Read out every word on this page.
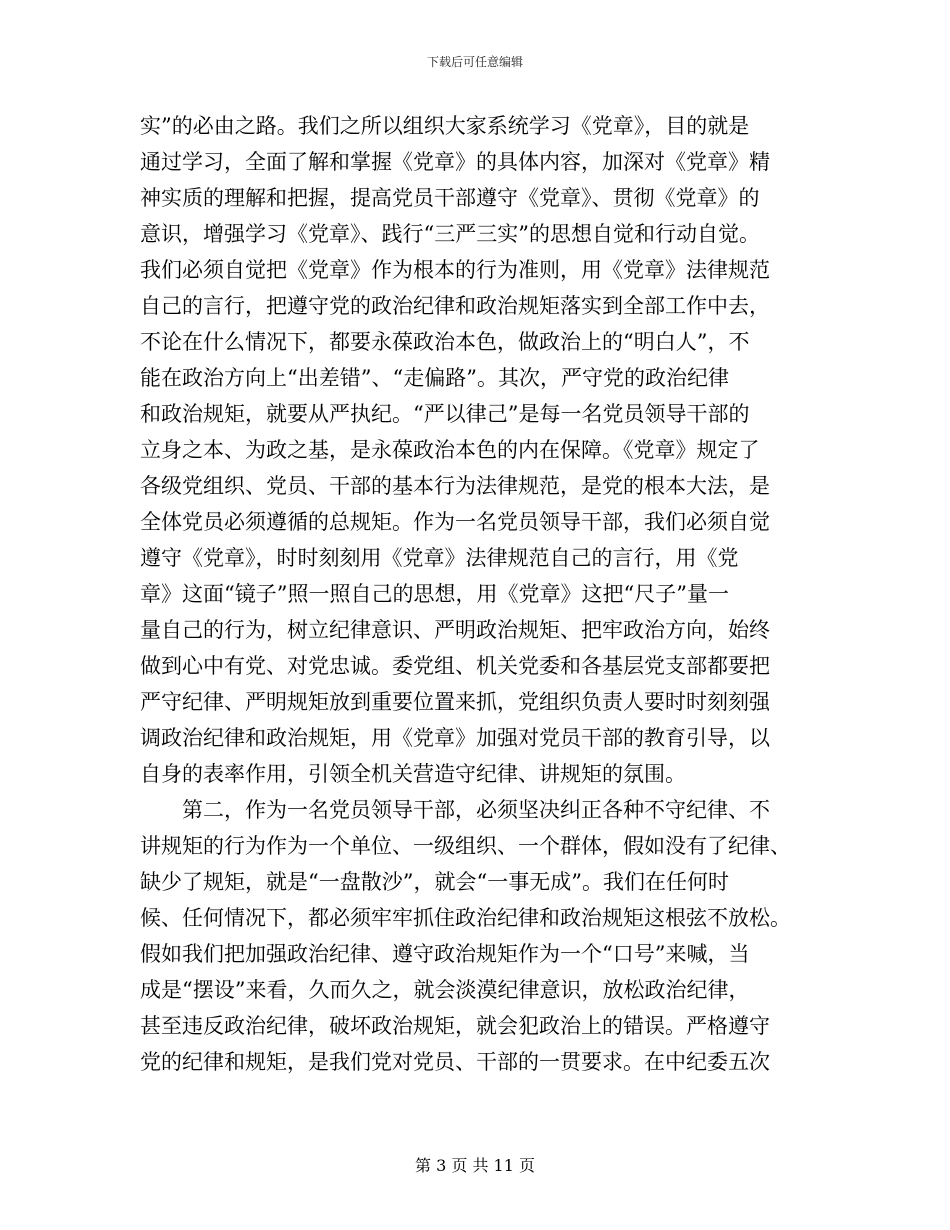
下载后可任意编辑
实”的必由之路。我们之所以组织大家系统学习《党章》，目的就是
通过学习，全面了解和掌握《党章》的具体内容，加深对《党章》精
神实质的理解和把握，提高党员干部遵守《党章》、贯彻《党章》的
意识，增强学习《党章》、践行“三严三实”的思想自觉和行动自觉。
我们必须自觉把《党章》作为根本的行为准则，用《党章》法律规范
自己的言行，把遵守党的政治纪律和政治规矩落实到全部工作中去，
不论在什么情况下，都要永葆政治本色，做政治上的“明白人”，不
能在政治方向上“出差错”、“走偏路”。其次，严守党的政治纪律
和政治规矩，就要从严执纪。“严以律己”是每一名党员领导干部的
立身之本、为政之基，是永葆政治本色的内在保障。《党章》规定了
各级党组织、党员、干部的基本行为法律规范，是党的根本大法，是
全体党员必须遵循的总规矩。作为一名党员领导干部，我们必须自觉
遵守《党章》，时时刻刻用《党章》法律规范自己的言行，用《党
章》这面“镜子”照一照自己的思想，用《党章》这把“尺子”量一
量自己的行为，树立纪律意识、严明政治规矩、把牢政治方向，始终
做到心中有党、对党忠诚。委党组、机关党委和各基层党支部都要把
严守纪律、严明规矩放到重要位置来抓，党组织负责人要时时刻刻强
调政治纪律和政治规矩，用《党章》加强对党员干部的教育引导，以
自身的表率作用，引领全机关营造守纪律、讲规矩的氛围。
　　第二，作为一名党员领导干部，必须坚决纠正各种不守纪律、不
讲规矩的行为作为一个单位、一级组织、一个群体，假如没有了纪律、
缺少了规矩，就是“一盘散沙”，就会“一事无成”。我们在任何时
候、任何情况下，都必须牢牢抓住政治纪律和政治规矩这根弦不放松。
假如我们把加强政治纪律、遵守政治规矩作为一个“口号”来喊，当
成是“摆设”来看，久而久之，就会淡漠纪律意识，放松政治纪律，
甚至违反政治纪律，破坏政治规矩，就会犯政治上的错误。严格遵守
党的纪律和规矩，是我们党对党员、干部的一贯要求。在中纪委五次
第 3 页 共 11 页
